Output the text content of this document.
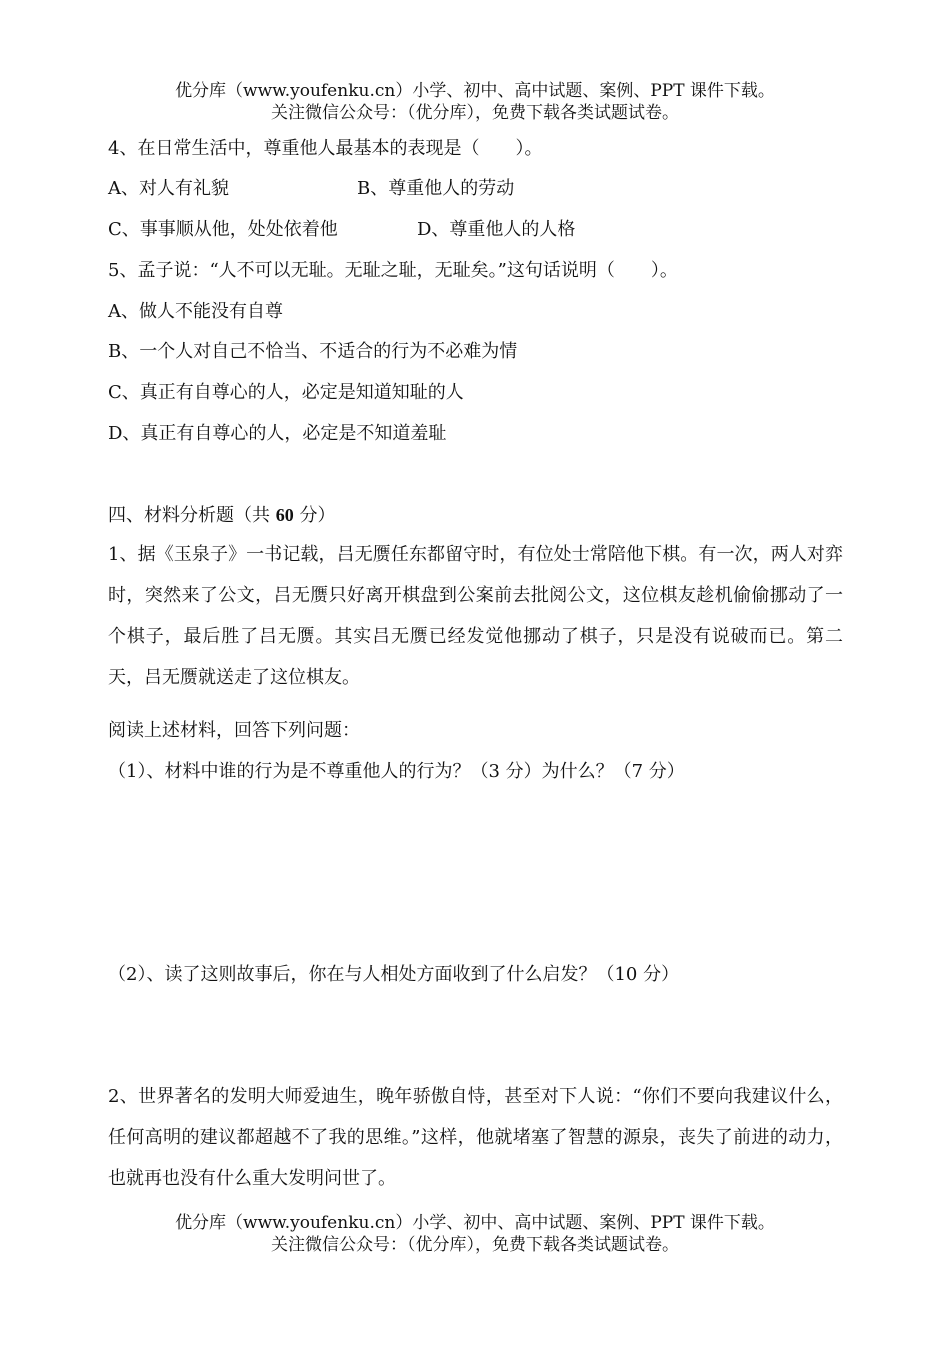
优分库（www.youfenku.cn）小学、初中、高中试题、案例、PPT 课件下载。
关注微信公众号：（优分库），免费下载各类试题试卷。
4、在日常生活中，尊重他人最基本的表现是（　　）。
A、对人有礼貌	B、尊重他人的劳动
C、事事顺从他，处处依着他	D、尊重他人的人格
5、孟子说：“人不可以无耻。无耻之耻，无耻矣。”这句话说明（　　）。
A、做人不能没有自尊
B、一个人对自己不恰当、不适合的行为不必难为情
C、真正有自尊心的人，必定是知道知耻的人
D、真正有自尊心的人，必定是不知道羞耻
四、材料分析题（共 60 分）
1、据《玉泉子》一书记载，吕无赝任东都留守时，有位处士常陪他下棋。有一次，两人对弈时，突然来了公文，吕无赝只好离开棋盘到公案前去批阅公文，这位棋友趁机偷偷挪动了一个棋子，最后胜了吕无赝。其实吕无赝已经发觉他挪动了棋子，只是没有说破而已。第二天，吕无赝就送走了这位棋友。
阅读上述材料，回答下列问题：
（1）、材料中谁的行为是不尊重他人的行为？（3 分）为什么？（7 分）
（2）、读了这则故事后，你在与人相处方面收到了什么启发？（10 分）
2、世界著名的发明大师爱迪生，晚年骄傲自恃，甚至对下人说：“你们不要向我建议什么，任何高明的建议都超越不了我的思维。”这样，他就堵塞了智慧的源泉，丧失了前进的动力，也就再也没有什么重大发明问世了。
优分库（www.youfenku.cn）小学、初中、高中试题、案例、PPT 课件下载。
关注微信公众号：（优分库），免费下载各类试题试卷。
